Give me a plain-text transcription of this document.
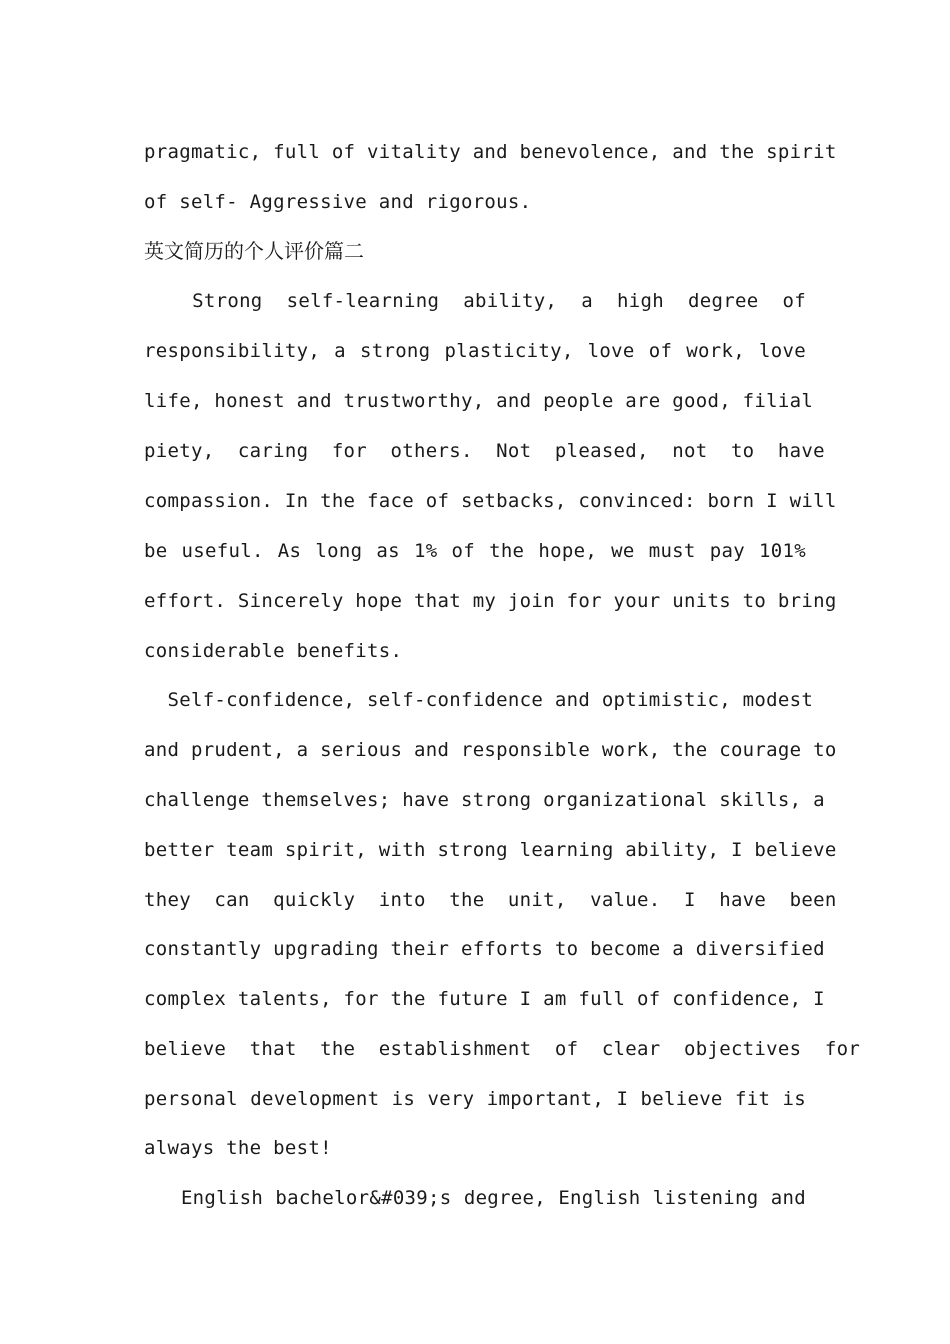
pragmatic, full of vitality and benevolence, and the spirit
of self- Aggressive and rigorous.
英文简历的个人评价篇二
Strong  self-learning  ability,  a  high  degree  of
responsibility, a strong plasticity, love of work, love
life, honest and trustworthy, and people are good, filial
piety,  caring  for  others.  Not  pleased,  not  to  have
compassion. In the face of setbacks, convinced: born I will
be useful. As long as 1% of the hope, we must pay 101%
effort. Sincerely hope that my join for your units to bring
considerable benefits.
Self-confidence, self-confidence and optimistic, modest
and prudent, a serious and responsible work, the courage to
challenge themselves; have strong organizational skills, a
better team spirit, with strong learning ability, I believe
they  can  quickly  into  the  unit,  value.  I  have  been
constantly upgrading their efforts to become a diversified
complex talents, for the future I am full of confidence, I
believe  that  the  establishment  of  clear  objectives  for
personal development is very important, I believe fit is
always the best!
English bachelor&#039;s degree, English listening and
